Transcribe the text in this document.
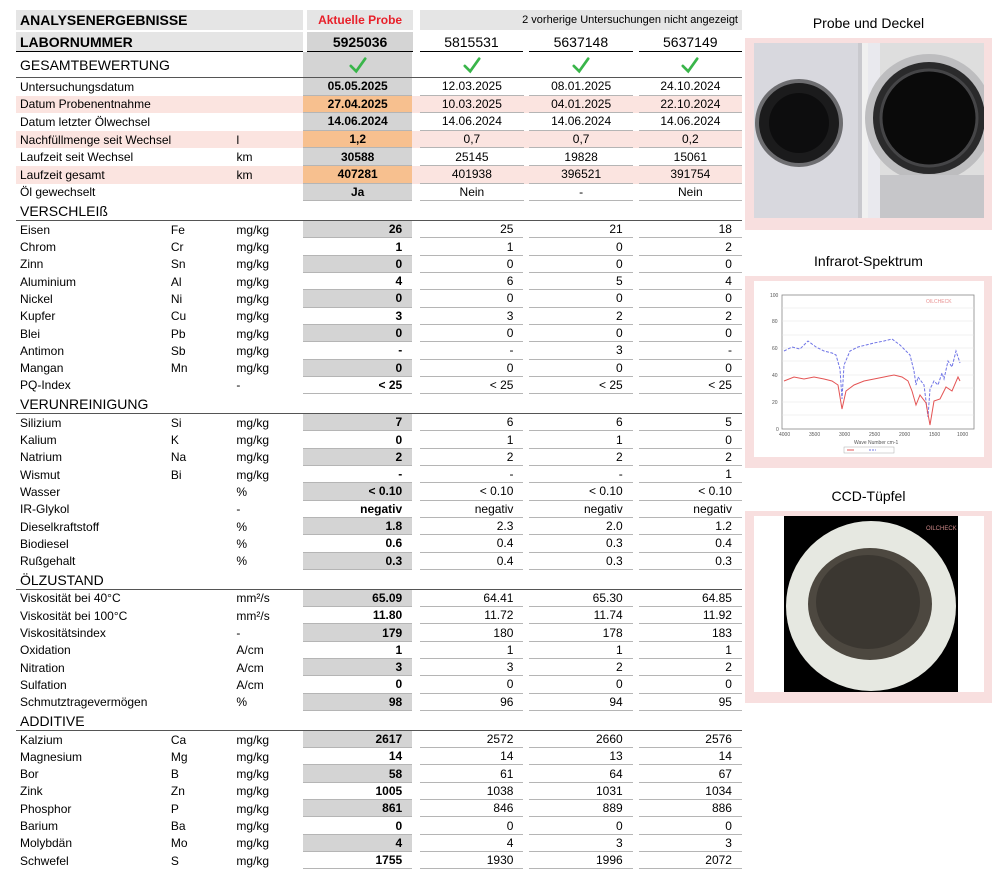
ANALYSENERGEBNISSE	Aktuelle Probe	2 vorherige Untersuchungen nicht angezeigt
LABORNUMMER	5925036	5815531	5637148	5637149
GESAMTBEWERTUNG
Untersuchungsdatum	05.05.2025	12.03.2025	08.01.2025	24.10.2024
Datum Probenentnahme	27.04.2025	10.03.2025	04.01.2025	22.10.2024
Datum letzter Ölwechsel	14.06.2024	14.06.2024	14.06.2024	14.06.2024
Nachfüllmenge seit Wechsel	l	1,2	0,7	0,7	0,2
Laufzeit seit Wechsel	km	30588	25145	19828	15061
Laufzeit gesamt	km	407281	401938	396521	391754
Öl gewechselt	Ja	Nein	-	Nein
VERSCHLEIß
Eisen	Fe	mg/kg	26	25	21	18
Chrom	Cr	mg/kg	1	1	0	2
Zinn	Sn	mg/kg	0	0	0	0
Aluminium	Al	mg/kg	4	6	5	4
Nickel	Ni	mg/kg	0	0	0	0
Kupfer	Cu	mg/kg	3	3	2	2
Blei	Pb	mg/kg	0	0	0	0
Antimon	Sb	mg/kg	-	-	3	-
Mangan	Mn	mg/kg	0	0	0	0
PQ-Index	-	< 25	< 25	< 25	< 25
VERUNREINIGUNG
Silizium	Si	mg/kg	7	6	6	5
Kalium	K	mg/kg	0	1	1	0
Natrium	Na	mg/kg	2	2	2	2
Wismut	Bi	mg/kg	-	-	-	1
Wasser	%	< 0.10	< 0.10	< 0.10	< 0.10
IR-Glykol	-	negativ	negativ	negativ	negativ
Dieselkraftstoff	%	1.8	2.3	2.0	1.2
Biodiesel	%	0.6	0.4	0.3	0.4
Rußgehalt	%	0.3	0.4	0.3	0.3
ÖLZUSTAND
Viskosität bei 40°C	mm²/s	65.09	64.41	65.30	64.85
Viskosität bei 100°C	mm²/s	11.80	11.72	11.74	11.92
Viskositätsindex	-	179	180	178	183
Oxidation	A/cm	1	1	1	1
Nitration	A/cm	3	3	2	2
Sulfation	A/cm	0	0	0	0
Schmutztragevermögen	%	98	96	94	95
ADDITIVE
Kalzium	Ca	mg/kg	2617	2572	2660	2576
Magnesium	Mg	mg/kg	14	14	13	14
Bor	B	mg/kg	58	61	64	67
Zink	Zn	mg/kg	1005	1038	1031	1034
Phosphor	P	mg/kg	861	846	889	886
Barium	Ba	mg/kg	0	0	0	0
Molybdän	Mo	mg/kg	4	4	3	3
Schwefel	S	mg/kg	1755	1930	1996	2072
Probe und Deckel
Infrarot-Spektrum
Wave Number cm-1
100
80
60
40
20
0
4000	3500	3000	2500	2000	1500	1000
OILCHECK
CCD-Tüpfel
OILCHECK
